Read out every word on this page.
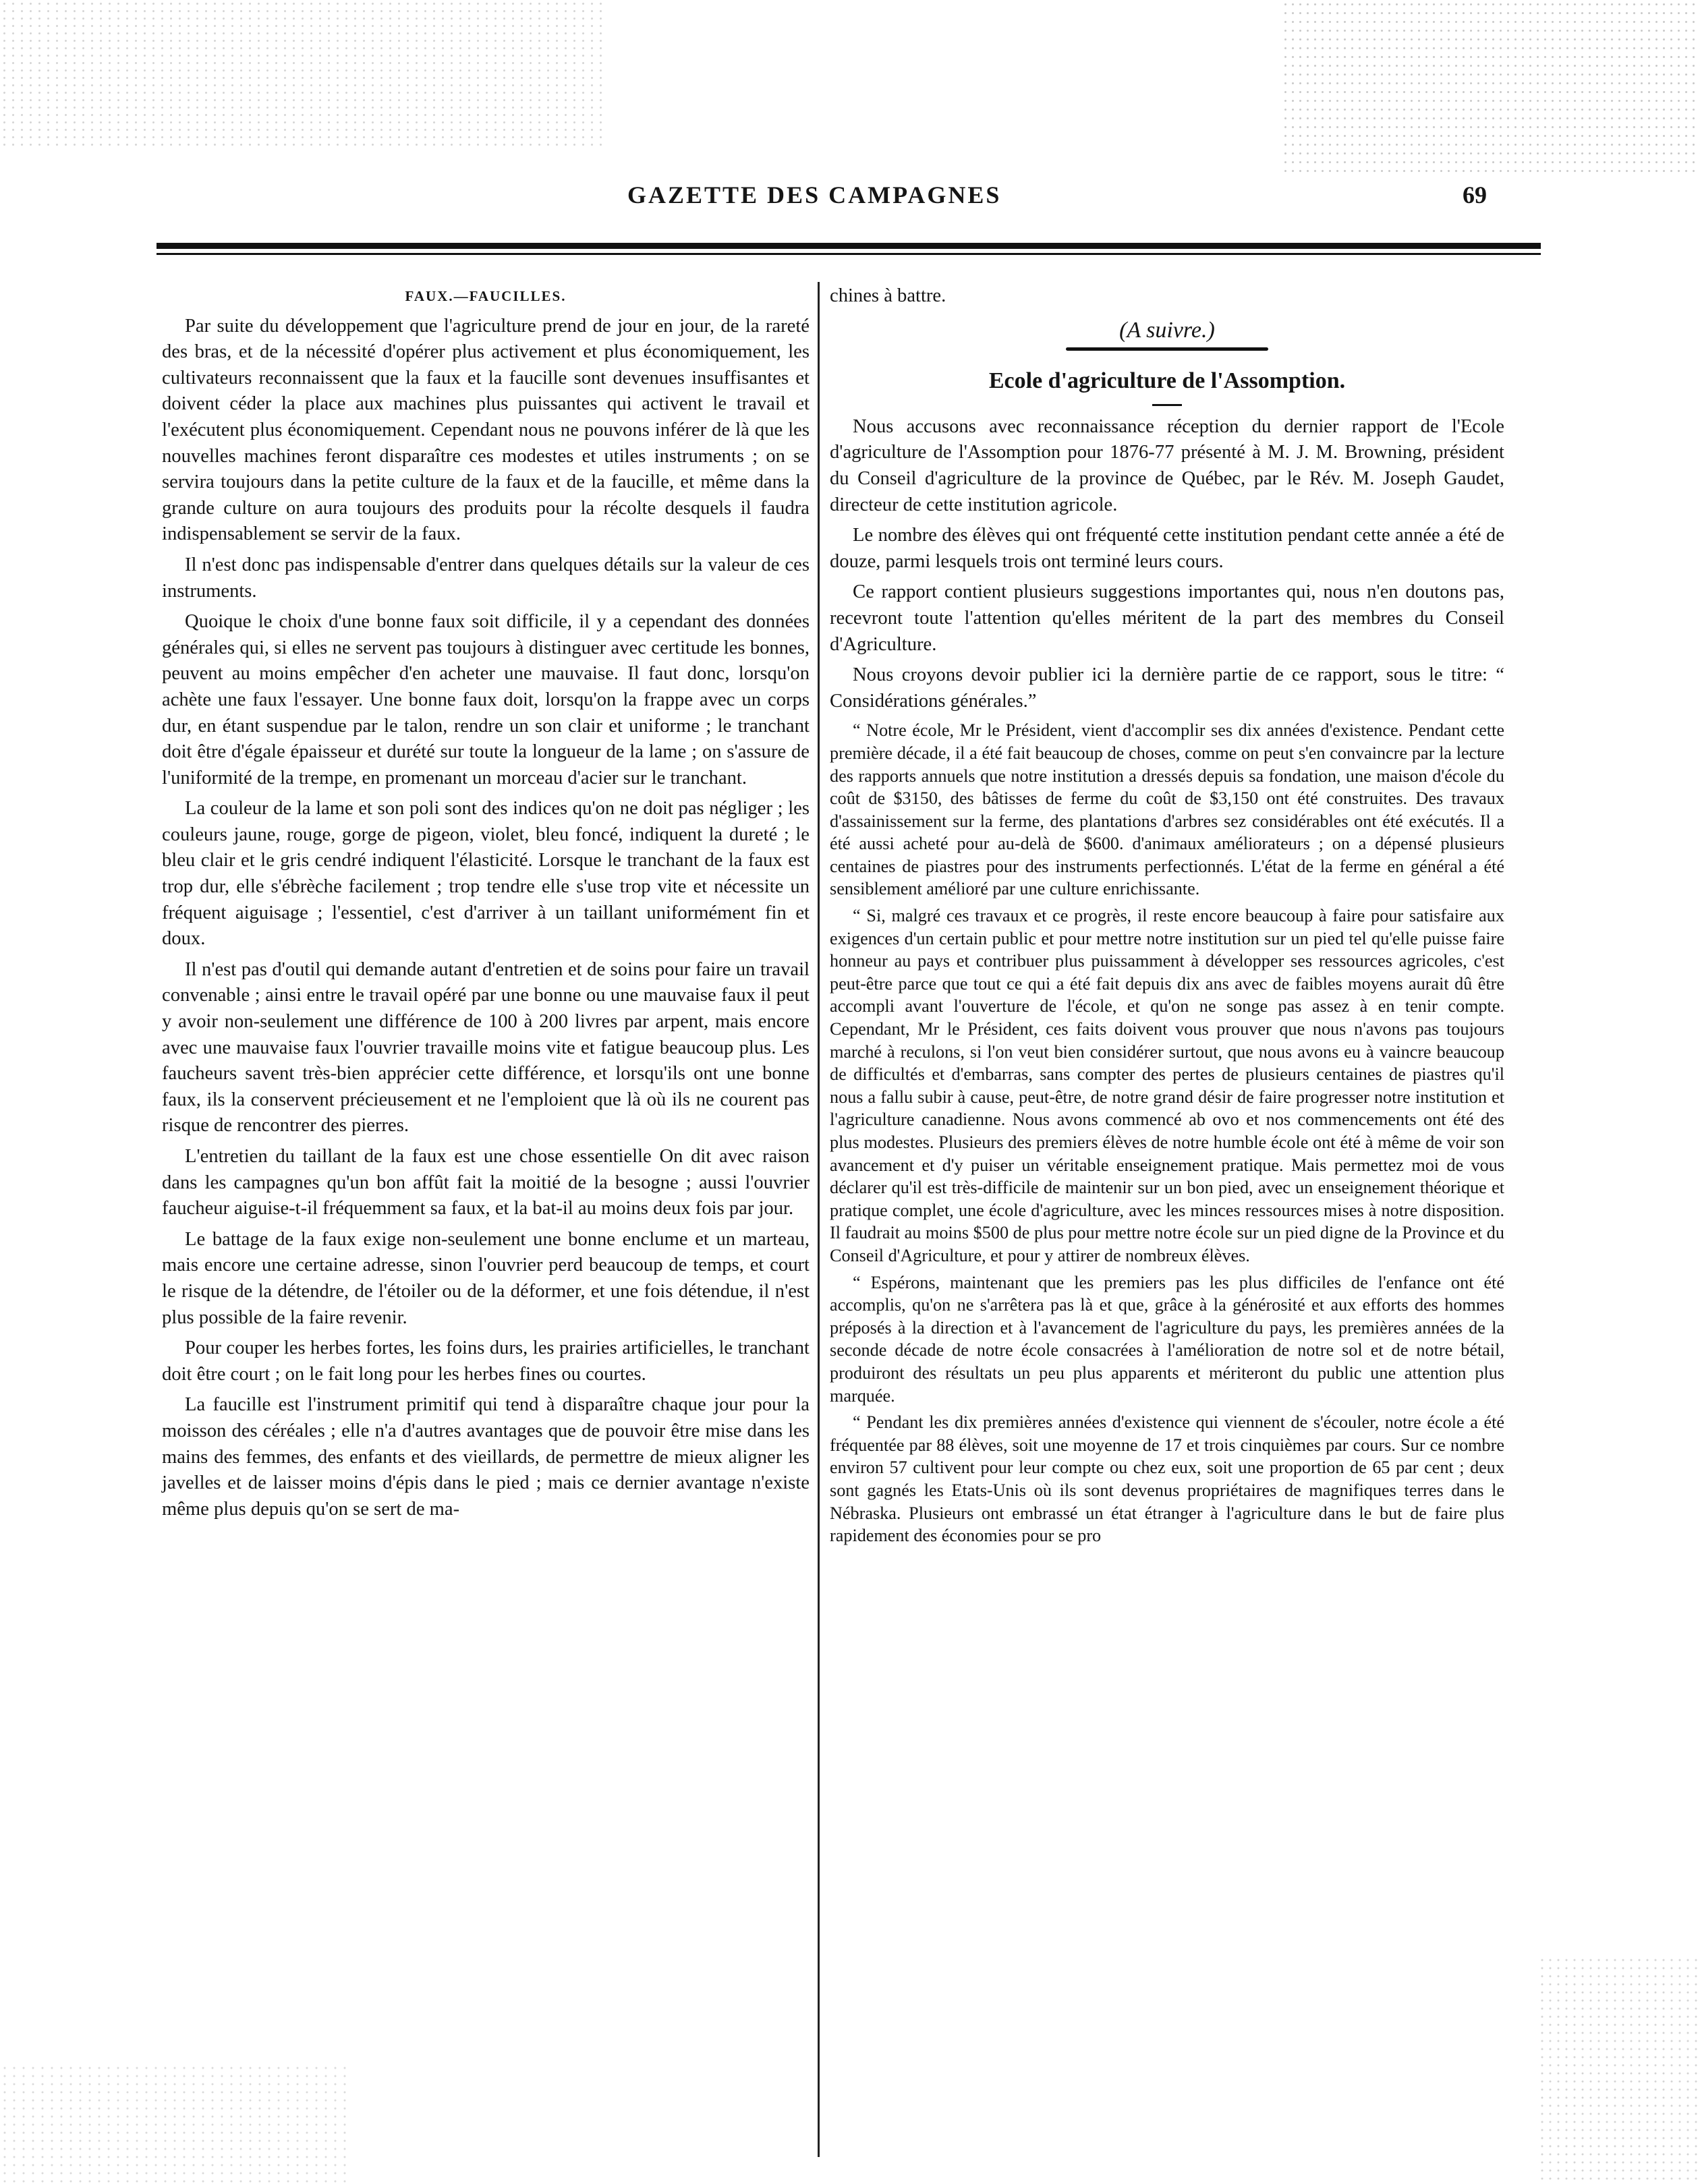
GAZETTE DES CAMPAGNES	69
FAUX.—FAUCILLES.

Par suite du développement que l'agriculture prend de jour en jour, de la rareté des bras, et de la nécessité d'opérer plus activement et plus économiquement, les cultivateurs reconnaissent que la faux et la faucille sont devenues insuffisantes et doivent céder la place aux machines plus puissantes qui activent le travail et l'exécutent plus économiquement. Cependant nous ne pouvons inférer de là que les nouvelles machines feront disparaître ces modestes et utiles instruments ; on se servira toujours dans la petite culture de la faux et de la faucille, et même dans la grande culture on aura toujours des produits pour la récolte desquels il faudra indispensablement se servir de la faux.

Il n'est donc pas indispensable d'entrer dans quelques détails sur la valeur de ces instruments.

Quoique le choix d'une bonne faux soit difficile, il y a cependant des données générales qui, si elles ne servent pas toujours à distinguer avec certitude les bonnes, peuvent au moins empêcher d'en acheter une mauvaise. Il faut donc, lorsqu'on achète une faux l'essayer. Une bonne faux doit, lorsqu'on la frappe avec un corps dur, en étant suspendue par le talon, rendre un son clair et uniforme ; le tranchant doit être d'égale épaisseur et durété sur toute la longueur de la lame ; on s'assure de l'uniformité de la trempe, en promenant un morceau d'acier sur le tranchant.

La couleur de la lame et son poli sont des indices qu'on ne doit pas négliger ; les couleurs jaune, rouge, gorge de pigeon, violet, bleu foncé, indiquent la dureté ; le bleu clair et le gris cendré indiquent l'élasticité. Lorsque le tranchant de la faux est trop dur, elle s'ébrèche facilement ; trop tendre elle s'use trop vite et nécessite un fréquent aiguisage ; l'essentiel, c'est d'arriver à un taillant uniformément fin et doux.

Il n'est pas d'outil qui demande autant d'entretien et de soins pour faire un travail convenable ; ainsi entre le travail opéré par une bonne ou une mauvaise faux il peut y avoir non-seulement une différence de 100 à 200 livres par arpent, mais encore avec une mauvaise faux l'ouvrier travaille moins vite et fatigue beaucoup plus. Les faucheurs savent très-bien apprécier cette différence, et lorsqu'ils ont une bonne faux, ils la conservent précieusement et ne l'emploient que là où ils ne courent pas risque de rencontrer des pierres.

L'entretien du taillant de la faux est une chose essentielle On dit avec raison dans les campagnes qu'un bon affût fait la moitié de la besogne ; aussi l'ouvrier faucheur aiguise-t-il fréquemment sa faux, et la bat-il au moins deux fois par jour.

Le battage de la faux exige non-seulement une bonne enclume et un marteau, mais encore une certaine adresse, sinon l'ouvrier perd beaucoup de temps, et court le risque de la détendre, de l'étoiler ou de la déformer, et une fois détendue, il n'est plus possible de la faire revenir.

Pour couper les herbes fortes, les foins durs, les prairies artificielles, le tranchant doit être court ; on le fait long pour les herbes fines ou courtes.

La faucille est l'instrument primitif qui tend à disparaître chaque jour pour la moisson des céréales ; elle n'a d'autres avantages que de pouvoir être mise dans les mains des femmes, des enfants et des vieillards, de permettre de mieux aligner les javelles et de laisser moins d'épis dans le pied ; mais ce dernier avantage n'existe même plus depuis qu'on se sert de ma-

chines à battre.

(A suivre.)
Ecole d'agriculture de l'Assomption.

Nous accusons avec reconnaissance réception du dernier rapport de l'Ecole d'agriculture de l'Assomption pour 1876-77 présenté à M. J. M. Browning, président du Conseil d'agriculture de la province de Québec, par le Rév. M. Joseph Gaudet, directeur de cette institution agricole.

Le nombre des élèves qui ont fréquenté cette institution pendant cette année a été de douze, parmi lesquels trois ont terminé leurs cours.

Ce rapport contient plusieurs suggestions importantes qui, nous n'en doutons pas, recevront toute l'attention qu'elles méritent de la part des membres du Conseil d'Agriculture.

Nous croyons devoir publier ici la dernière partie de ce rapport, sous le titre: “ Considérations générales.”

“ Notre école, Mr le Président, vient d'accomplir ses dix années d'existence. Pendant cette première décade, il a été fait beaucoup de choses, comme on peut s'en convaincre par la lecture des rapports annuels que notre institution a dressés depuis sa fondation, une maison d'école du coût de $3150, des bâtisses de ferme du coût de $3,150 ont été construites. Des travaux d'assainissement sur la ferme, des plantations d'arbres sez considérables ont été exécutés. Il a été aussi acheté pour au-delà de $600. d'animaux améliorateurs ; on a dépensé plusieurs centaines de piastres pour des instruments perfectionnés. L'état de la ferme en général a été sensiblement amélioré par une culture enrichissante.

“ Si, malgré ces travaux et ce progrès, il reste encore beaucoup à faire pour satisfaire aux exigences d'un certain public et pour mettre notre institution sur un pied tel qu'elle puisse faire honneur au pays et contribuer plus puissamment à développer ses ressources agricoles, c'est peut-être parce que tout ce qui a été fait depuis dix ans avec de faibles moyens aurait dû être accompli avant l'ouverture de l'école, et qu'on ne songe pas assez à en tenir compte. Cependant, Mr le Président, ces faits doivent vous prouver que nous n'avons pas toujours marché à reculons, si l'on veut bien considérer surtout, que nous avons eu à vaincre beaucoup de difficultés et d'embarras, sans compter des pertes de plusieurs centaines de piastres qu'il nous a fallu subir à cause, peut-être, de notre grand désir de faire progresser notre institution et l'agriculture canadienne. Nous avons commencé ab ovo et nos commencements ont été des plus modestes. Plusieurs des premiers élèves de notre humble école ont été à même de voir son avancement et d'y puiser un véritable enseignement pratique. Mais permettez moi de vous déclarer qu'il est très-difficile de maintenir sur un bon pied, avec un enseignement théorique et pratique complet, une école d'agriculture, avec les minces ressources mises à notre disposition. Il faudrait au moins $500 de plus pour mettre notre école sur un pied digne de la Province et du Conseil d'Agriculture, et pour y attirer de nombreux élèves.

“ Espérons, maintenant que les premiers pas les plus difficiles de l'enfance ont été accomplis, qu'on ne s'arrêtera pas là et que, grâce à la générosité et aux efforts des hommes préposés à la direction et à l'avancement de l'agriculture du pays, les premières années de la seconde décade de notre école consacrées à l'amélioration de notre sol et de notre bétail, produiront des résultats un peu plus apparents et mériteront du public une attention plus marquée.

“ Pendant les dix premières années d'existence qui viennent de s'écouler, notre école a été fréquentée par 88 élèves, soit une moyenne de 17 et trois cinquièmes par cours. Sur ce nombre environ 57 cultivent pour leur compte ou chez eux, soit une proportion de 65 par cent ; deux sont gagnés les Etats-Unis où ils sont devenus propriétaires de magnifiques terres dans le Nébraska. Plusieurs ont embrassé un état étranger à l'agriculture dans le but de faire plus rapidement des économies pour se pro
